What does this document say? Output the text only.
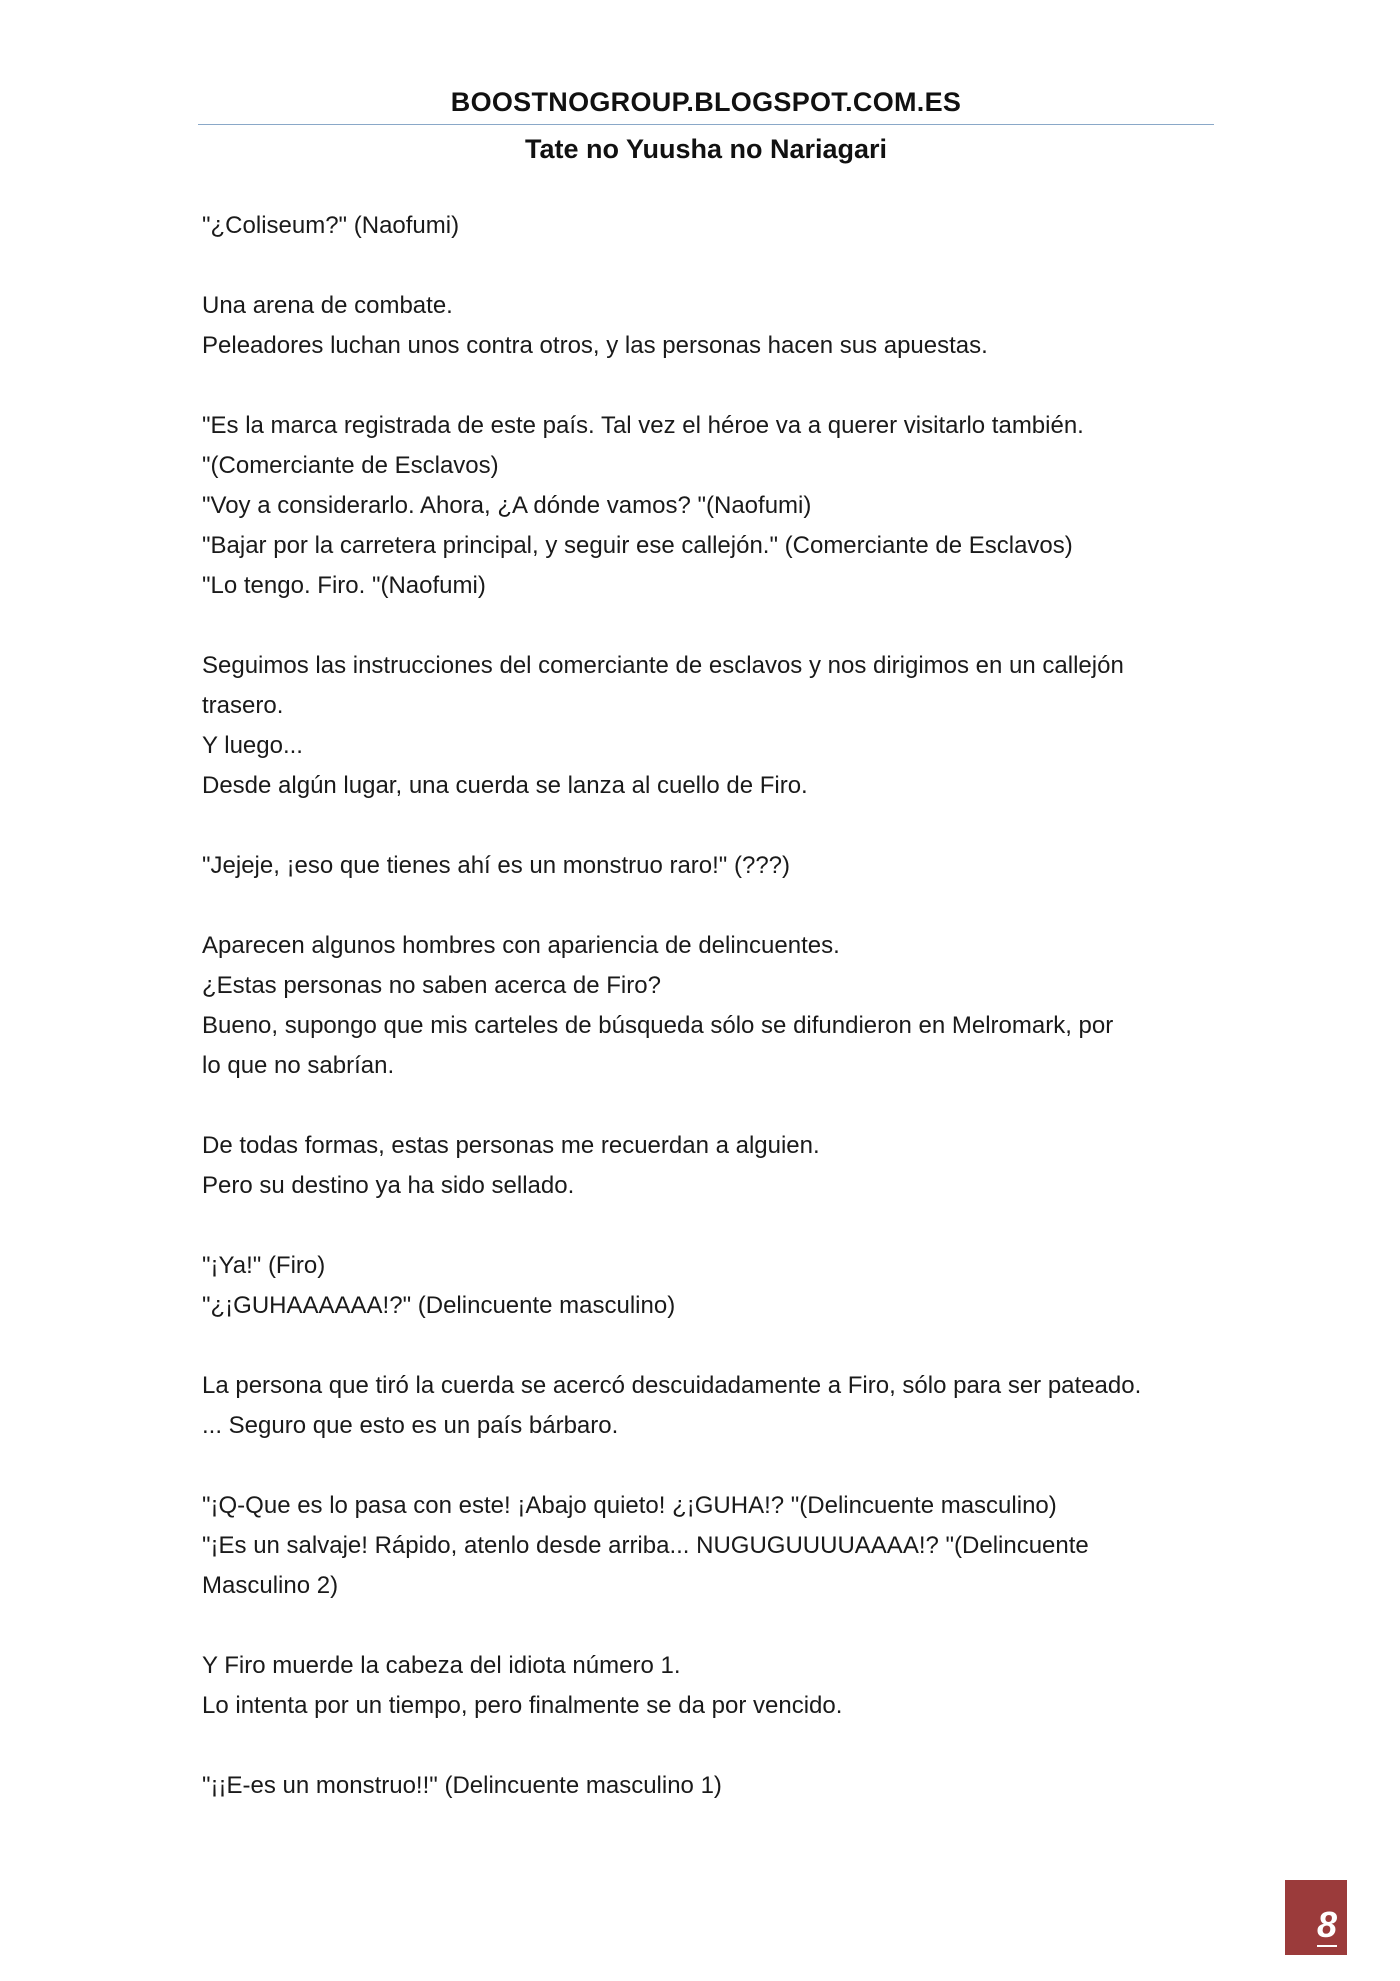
BOOSTNOGROUP.BLOGSPOT.COM.ES
Tate no Yuusha no Nariagari
"¿Coliseum?" (Naofumi)
Una arena de combate.
Peleadores luchan unos contra otros, y las personas hacen sus apuestas.
"Es la marca registrada de este país. Tal vez el héroe va a querer visitarlo también.
"(Comerciante de Esclavos)
"Voy a considerarlo. Ahora, ¿A dónde vamos? "(Naofumi)
"Bajar por la carretera principal, y seguir ese callejón." (Comerciante de Esclavos)
"Lo tengo. Firo. "(Naofumi)
Seguimos las instrucciones del comerciante de esclavos y nos dirigimos en un callejón
trasero.
Y luego...
Desde algún lugar, una cuerda se lanza al cuello de Firo.
"Jejeje, ¡eso que tienes ahí es un monstruo raro!" (???)
Aparecen algunos hombres con apariencia de delincuentes.
¿Estas personas no saben acerca de Firo?
Bueno, supongo que mis carteles de búsqueda sólo se difundieron en Melromark, por
lo que no sabrían.
De todas formas, estas personas me recuerdan a alguien.
Pero su destino ya ha sido sellado.
"¡Ya!" (Firo)
"¿¡GUHAAAAAA!?" (Delincuente masculino)
La persona que tiró la cuerda se acercó descuidadamente a Firo, sólo para ser pateado.
... Seguro que esto es un país bárbaro.
"¡Q-Que es lo pasa con este! ¡Abajo quieto! ¿¡GUHA!? "(Delincuente masculino)
"¡Es un salvaje! Rápido, atenlo desde arriba... NUGUGUUUUAAAA!? "(Delincuente
Masculino 2)
Y Firo muerde la cabeza del idiota número 1.
Lo intenta por un tiempo, pero finalmente se da por vencido.
"¡¡E-es un monstruo!!" (Delincuente masculino 1)
8
